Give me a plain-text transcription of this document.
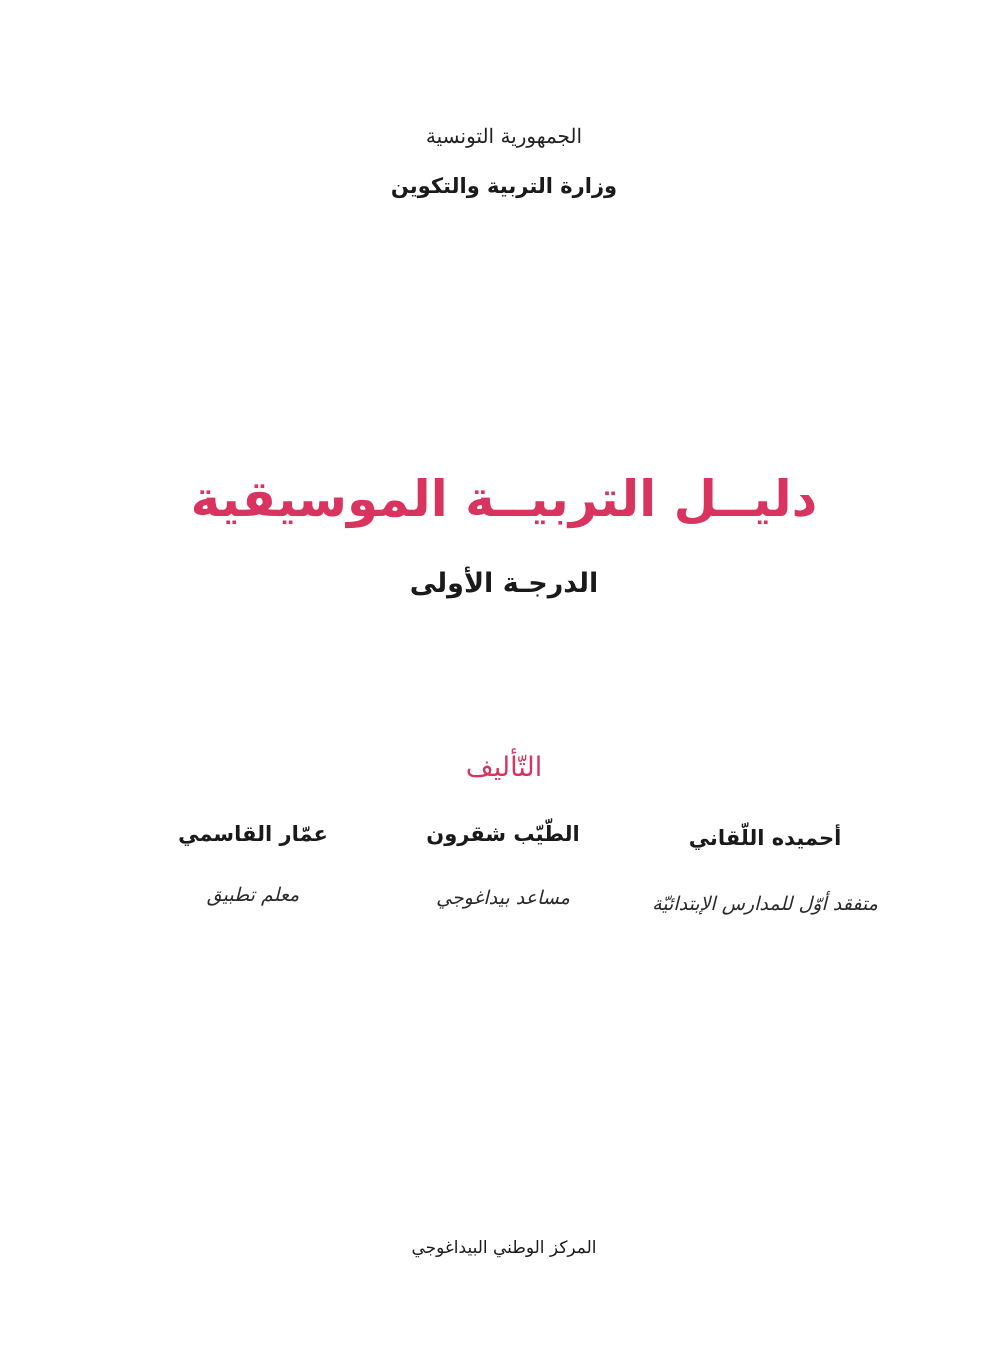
الجمهورية التونسية
وزارة التربية والتكوين
دليــل التربيــة الموسيقية
الدرجـة الأولى
التّأليف
أحميده اللّقاني
متفقد أوّل للمدارس الإبتدائيّة
الطّيّب شقرون
مساعد بيداغوجي
عمّار القاسمي
معلم تطبيق
المركز الوطني البيداغوجي
